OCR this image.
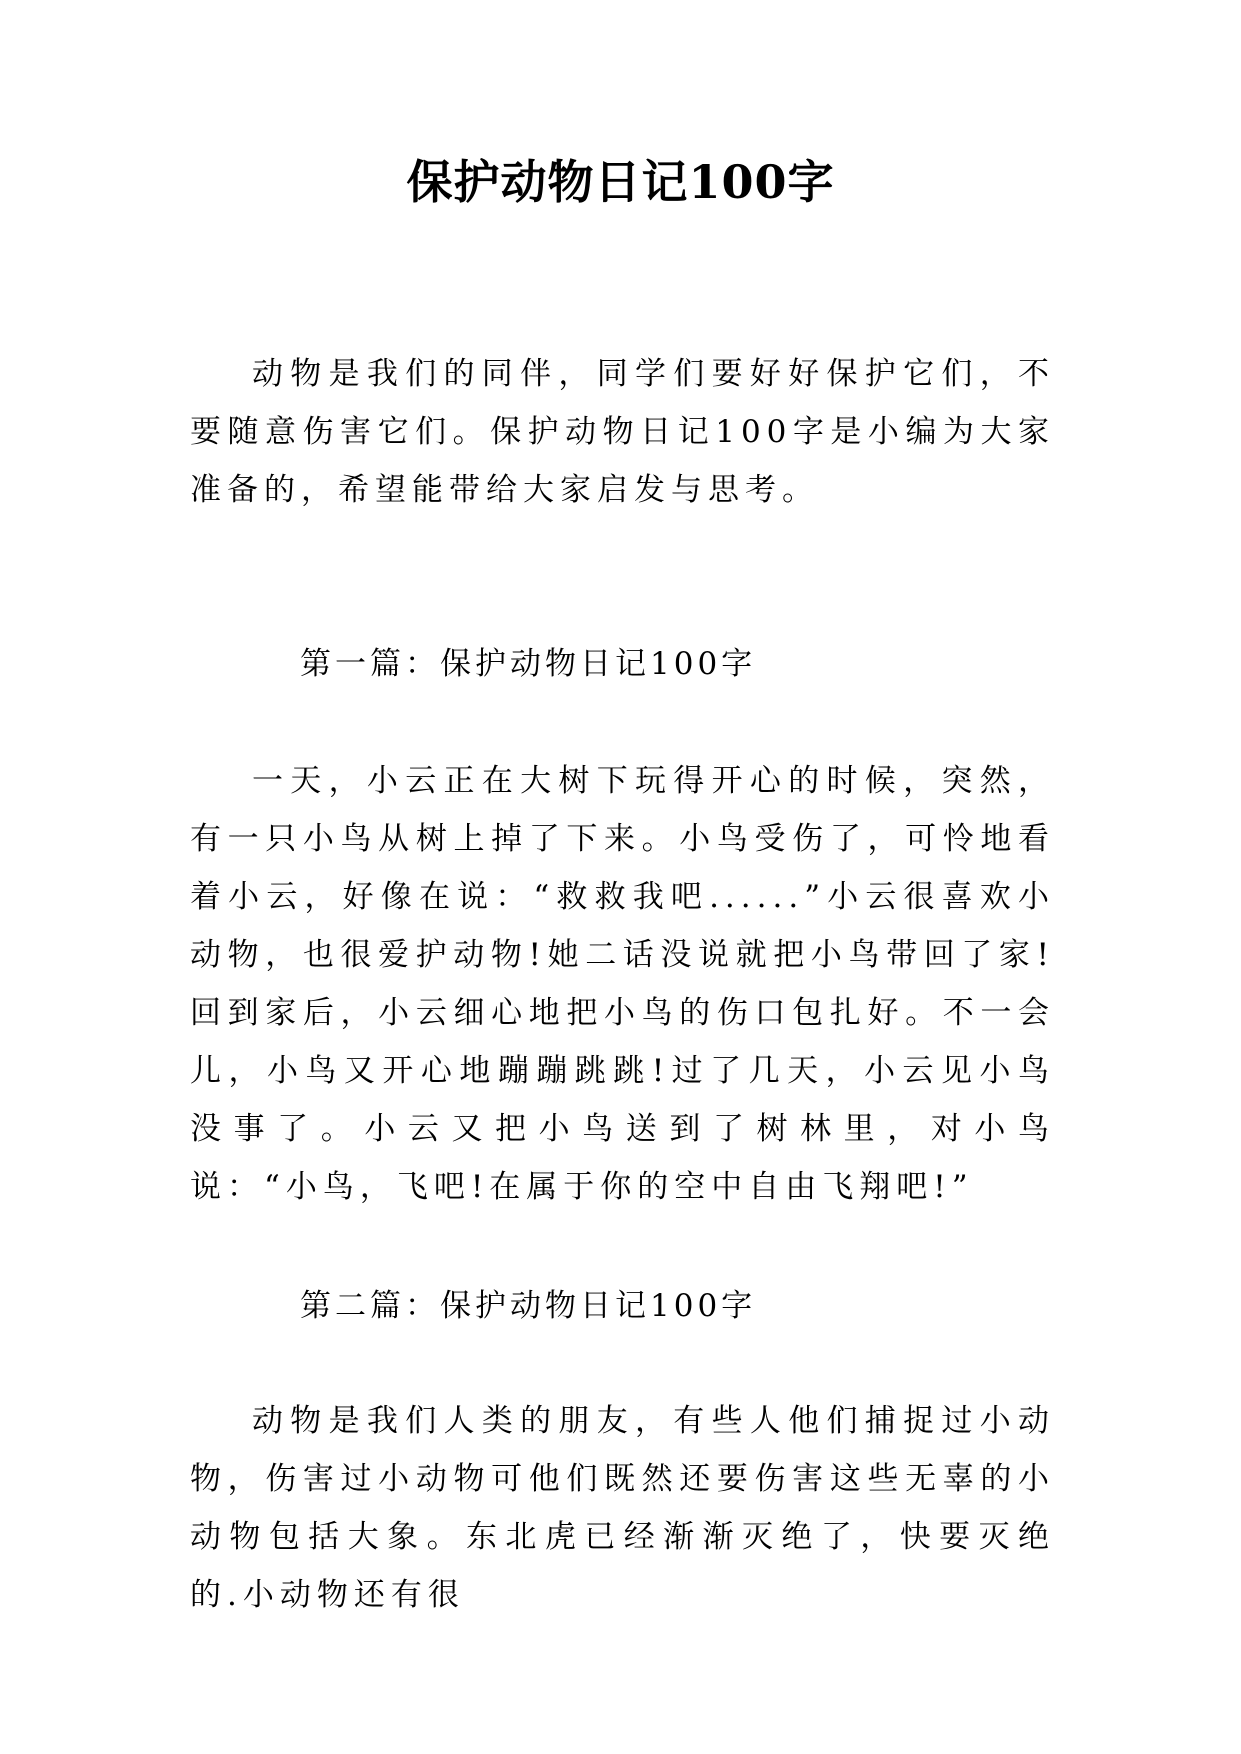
保护动物日记100字

动物是我们的同伴，同学们要好好保护它们，不要随意伤害它们。保护动物日记100字是小编为大家准备的，希望能带给大家启发与思考。

第一篇：保护动物日记100字

一天，小云正在大树下玩得开心的时候，突然，有一只小鸟从树上掉了下来。小鸟受伤了，可怜地看着小云，好像在说：“救救我吧......”小云很喜欢小动物，也很爱护动物!她二话没说就把小鸟带回了家!回到家后，小云细心地把小鸟的伤口包扎好。不一会儿，小鸟又开心地蹦蹦跳跳!过了几天，小云见小鸟没事了。小云又把小鸟送到了树林里，对小鸟说：“小鸟，飞吧!在属于你的空中自由飞翔吧!”

第二篇：保护动物日记100字

动物是我们人类的朋友，有些人他们捕捉过小动物，伤害过小动物可他们既然还要伤害这些无辜的小动物包括大象。东北虎已经渐渐灭绝了，快要灭绝的.小动物还有很
